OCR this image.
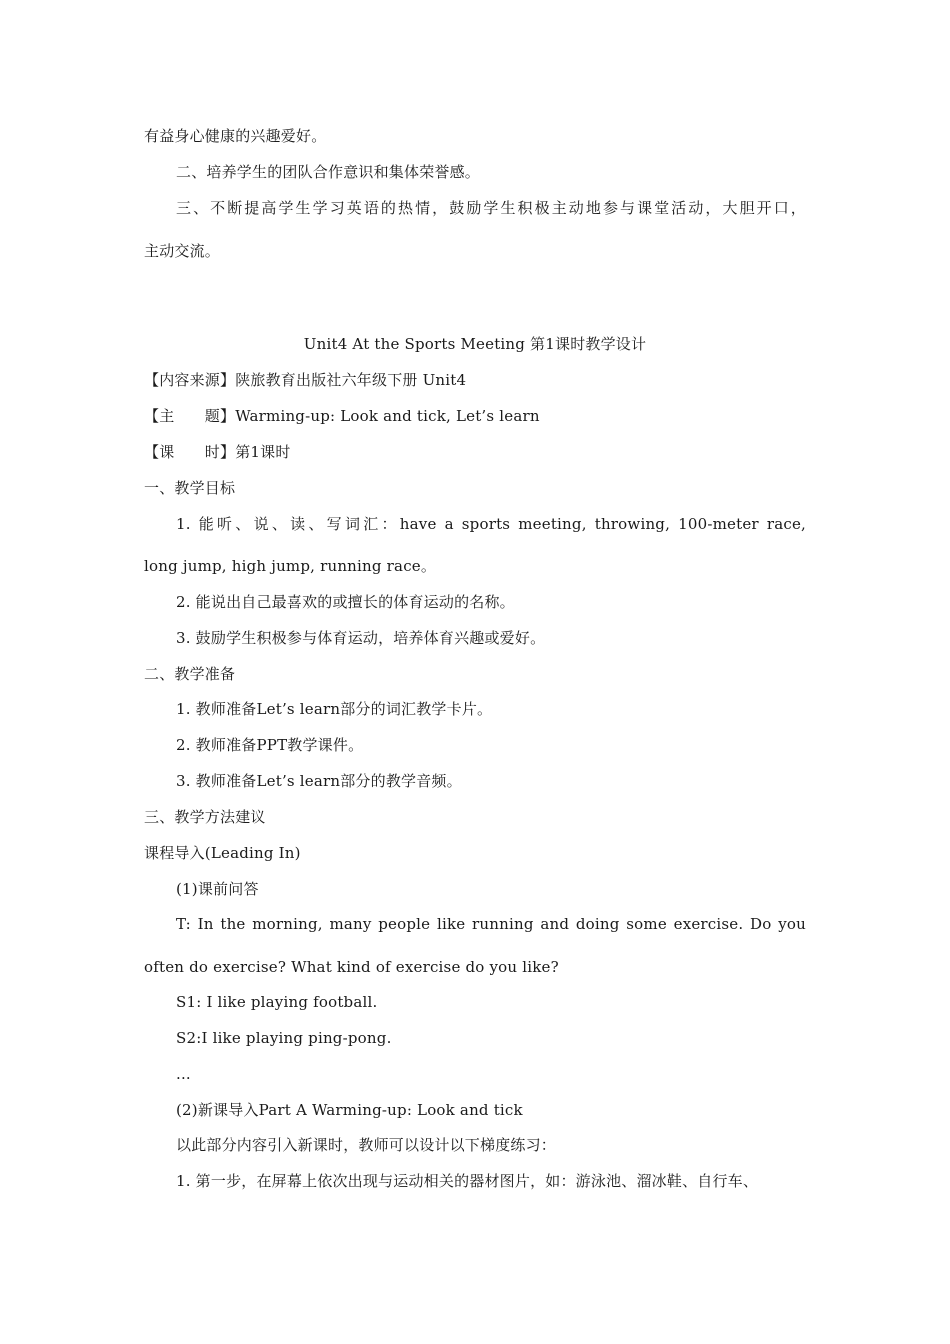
有益身心健康的兴趣爱好。
二、培养学生的团队合作意识和集体荣誉感。
三、不断提高学生学习英语的热情，鼓励学生积极主动地参与课堂活动，大胆开口，
主动交流。
Unit4 At the Sports Meeting 第1课时教学设计
【内容来源】陕旅教育出版社六年级下册 Unit4
【主　　题】Warming-up: Look and tick, Let’s learn
【课　　时】第1课时
一、教学目标
1. 能听、说、读、写词汇：have a sports meeting, throwing, 100-meter race,
long jump, high jump, running race。
2. 能说出自己最喜欢的或擅长的体育运动的名称。
3. 鼓励学生积极参与体育运动，培养体育兴趣或爱好。
二、教学准备
1. 教师准备Let’s learn部分的词汇教学卡片。
2. 教师准备PPT教学课件。
3. 教师准备Let’s learn部分的教学音频。
三、教学方法建议
课程导入(Leading In)
(1)课前问答
T: In the morning, many people like running and doing some exercise. Do you
often do exercise? What kind of exercise do you like?
S1: I like playing football.
S2:I like playing ping-pong.
...
(2)新课导入Part A Warming-up: Look and tick
以此部分内容引入新课时，教师可以设计以下梯度练习：
1. 第一步，在屏幕上依次出现与运动相关的器材图片，如：游泳池、溜冰鞋、自行车、
